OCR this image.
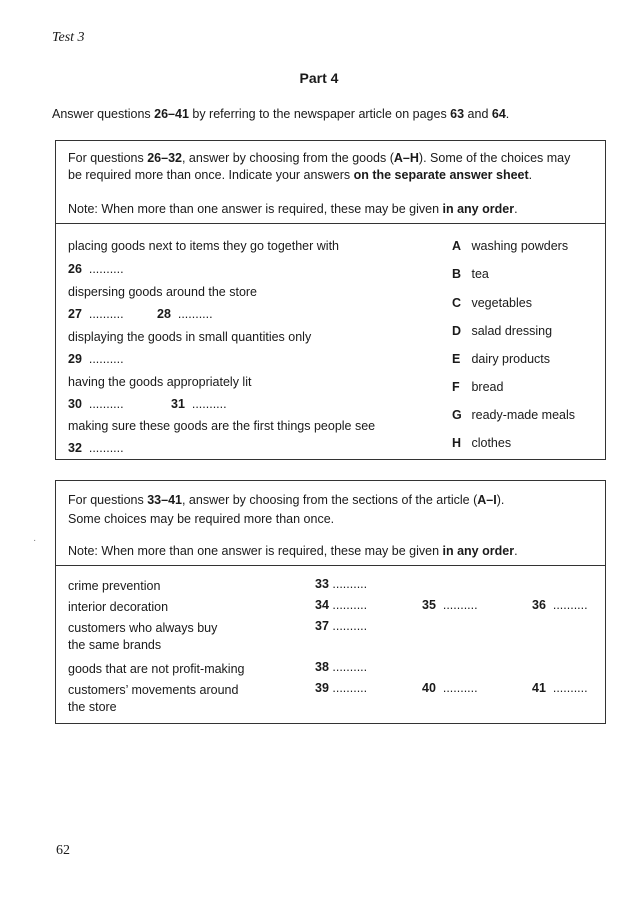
Test 3
Part 4
Answer questions 26–41 by referring to the newspaper article on pages 63 and 64.
For questions 26–32, answer by choosing from the goods (A–H). Some of the choices may
be required more than once. Indicate your answers on the separate answer sheet.
Note: When more than one answer is required, these may be given in any order.
placing goods next to items they go together with
26 ..........
dispersing goods around the store
27 ..........	28 ..........
displaying the goods in small quantities only
29 ..........
having the goods appropriately lit
30 ..........	31 ..........
making sure these goods are the first things people see
32 ..........
A washing powders
B tea
C vegetables
D salad dressing
E dairy products
F bread
G ready-made meals
H clothes
·
For questions 33–41, answer by choosing from the sections of the article (A–I).
Some choices may be required more than once.
Note: When more than one answer is required, these may be given in any order.
crime prevention	33 ..........
interior decoration	34 ..........	35 ..........	36 ..........
customers who always buy
the same brands
37 ..........
goods that are not profit-making	38 ..........
customers’ movements around
the store
39 ..........	40 ..........	41 ..........
62
